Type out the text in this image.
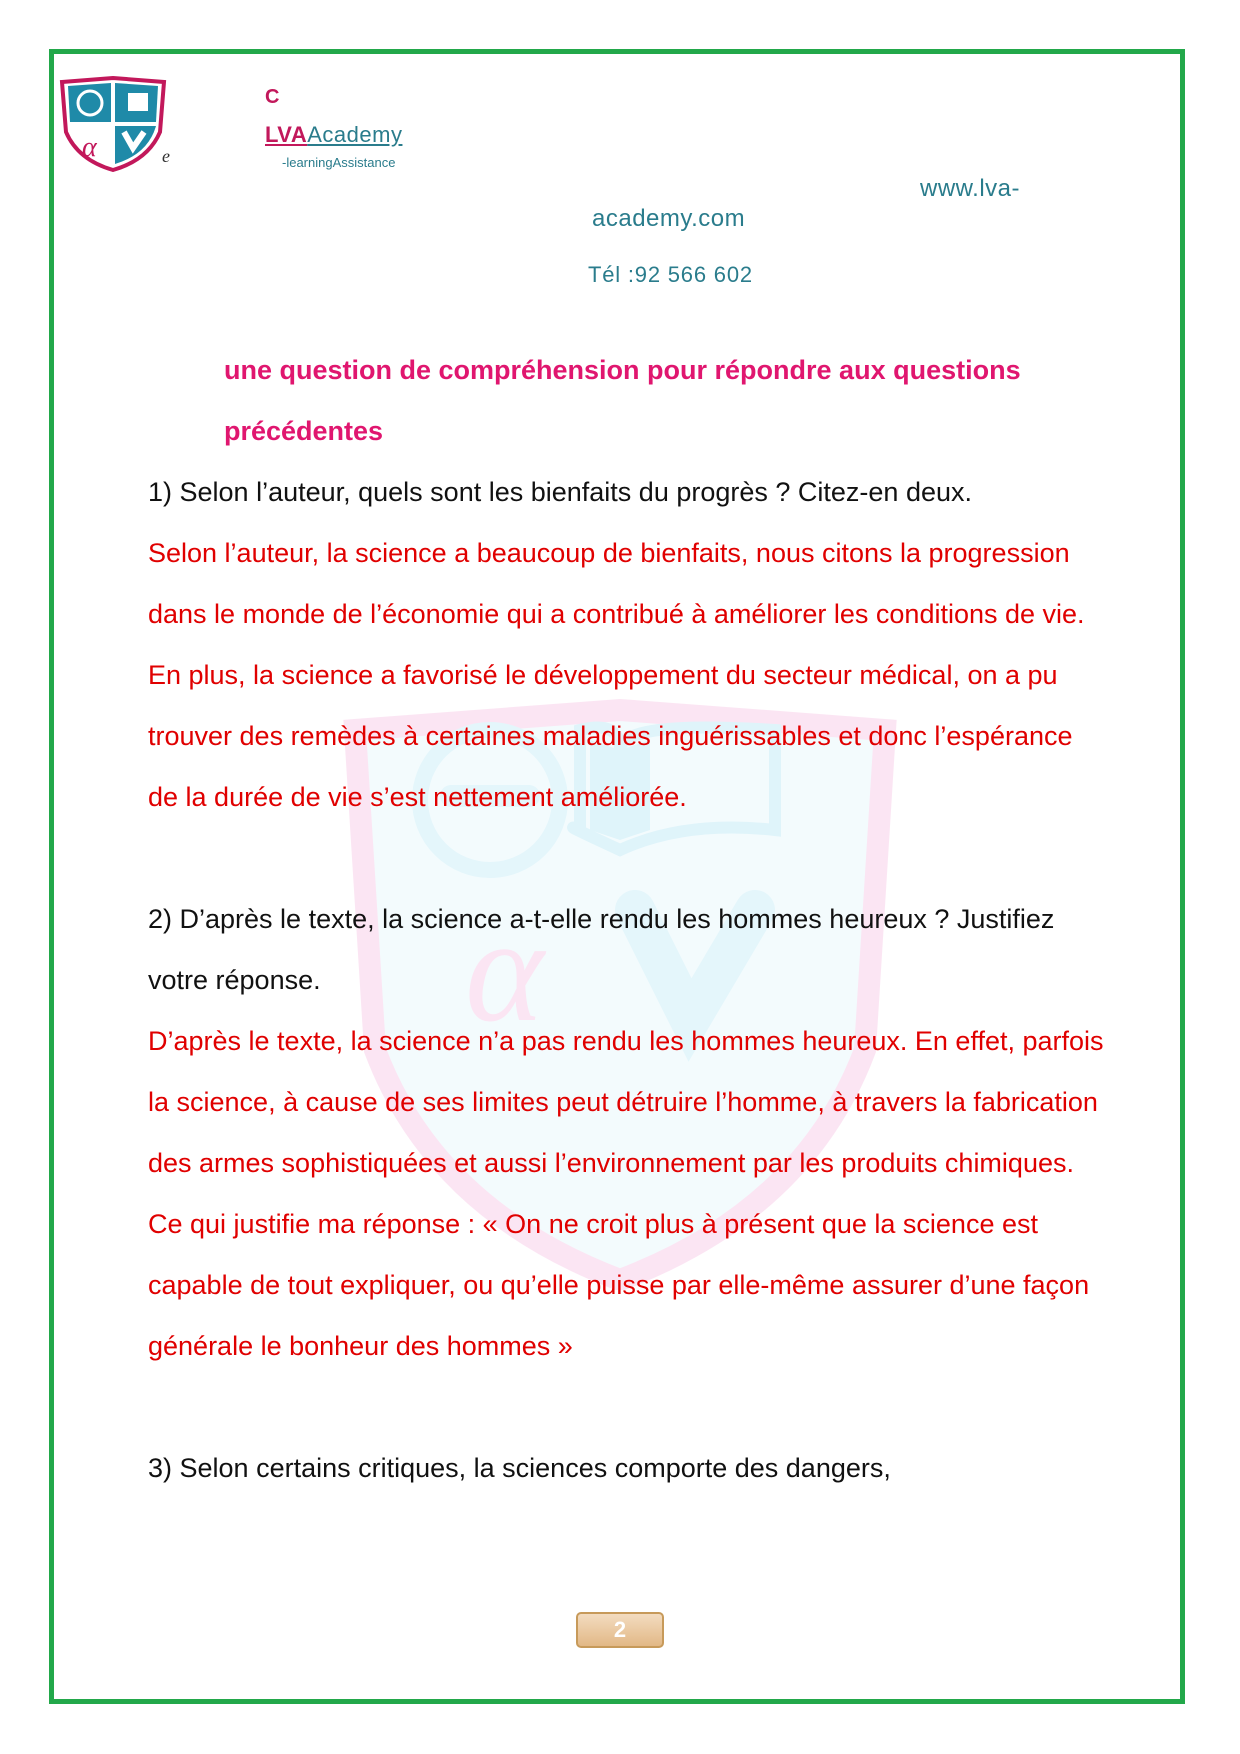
α
α	e
C
LVAAcademy
-learningAssistance
www.lva-
academy.com
Tél :92 566 602
une question de compréhension pour répondre aux questions précédentes

1) Selon l’auteur, quels sont les bienfaits du progrès ? Citez-en deux.

Selon l’auteur, la science a beaucoup de bienfaits, nous citons la progression dans le monde de l’économie qui a contribué à améliorer les conditions de vie. En plus, la science a favorisé le développement du secteur médical, on a pu trouver des remèdes à certaines maladies inguérissables et donc l’espérance de la durée de vie s’est nettement améliorée.

2) D’après le texte, la science a-t-elle rendu les hommes heureux ? Justifiez votre réponse.

D’après le texte, la science n’a pas rendu les hommes heureux. En effet, parfois la science, à cause de ses limites peut détruire l’homme, à travers la fabrication des armes sophistiquées et aussi l’environnement par les produits chimiques.

Ce qui justifie ma réponse : « On ne croit plus à présent que la science est capable de tout expliquer, ou qu’elle puisse par elle-même assurer d’une façon générale le bonheur des hommes »

3) Selon certains critiques, la sciences comporte des dangers,

2
